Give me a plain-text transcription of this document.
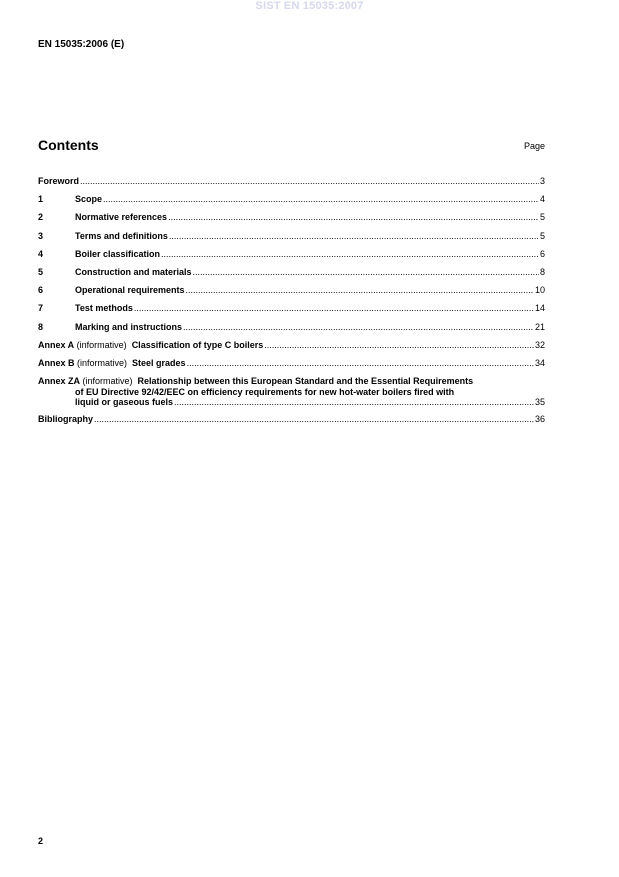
SIST EN 15035:2007
EN 15035:2006 (E)
Contents	Page
Foreword .....	3
1	Scope .....	4
2	Normative references .....	5
3	Terms and definitions .....	5
4	Boiler classification .....	6
5	Construction and materials .....	8
6	Operational requirements .....	10
7	Test methods .....	14
8	Marking and instructions .....	21
Annex A (informative)  Classification of type C boilers .....	32
Annex B (informative)  Steel grades .....	34
Annex ZA (informative)  Relationship between this European Standard and the Essential Requirements
of EU Directive 92/42/EEC on efficiency requirements for new hot-water boilers fired with
liquid or gaseous fuels .....	35
Bibliography .....	36
2
